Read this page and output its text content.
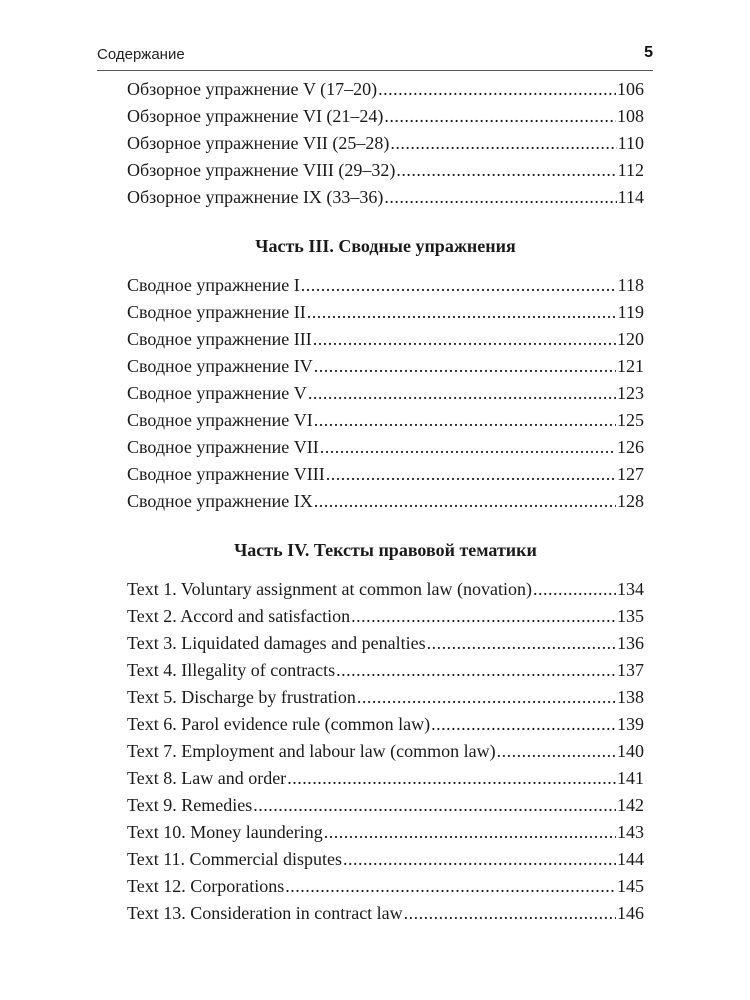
Содержание	5
Обзорное упражнение V (17–20) .....	106
Обзорное упражнение VI (21–24) .....	108
Обзорное упражнение VII (25–28) .....	110
Обзорное упражнение VIII (29–32) .....	112
Обзорное упражнение IX (33–36) .....	114
Часть III. Сводные упражнения
Сводное упражнение I .....	118
Сводное упражнение II .....	119
Сводное упражнение III .....	120
Сводное упражнение IV .....	121
Сводное упражнение V .....	123
Сводное упражнение VI .....	125
Сводное упражнение VII .....	126
Сводное упражнение VIII .....	127
Сводное упражнение IX .....	128
Часть IV. Тексты правовой тематики
Text 1. Voluntary assignment at common law (novation) .....	134
Text 2. Accord and satisfaction .....	135
Text 3. Liquidated damages and penalties .....	136
Text 4. Illegality of contracts .....	137
Text 5. Discharge by frustration .....	138
Text 6. Parol evidence rule (common law) .....	139
Text 7. Employment and labour law (common law) .....	140
Text 8. Law and order .....	141
Text 9. Remedies .....	142
Text 10. Money laundering .....	143
Text 11. Commercial disputes .....	144
Text 12. Corporations .....	145
Text 13. Consideration in contract law .....	146
